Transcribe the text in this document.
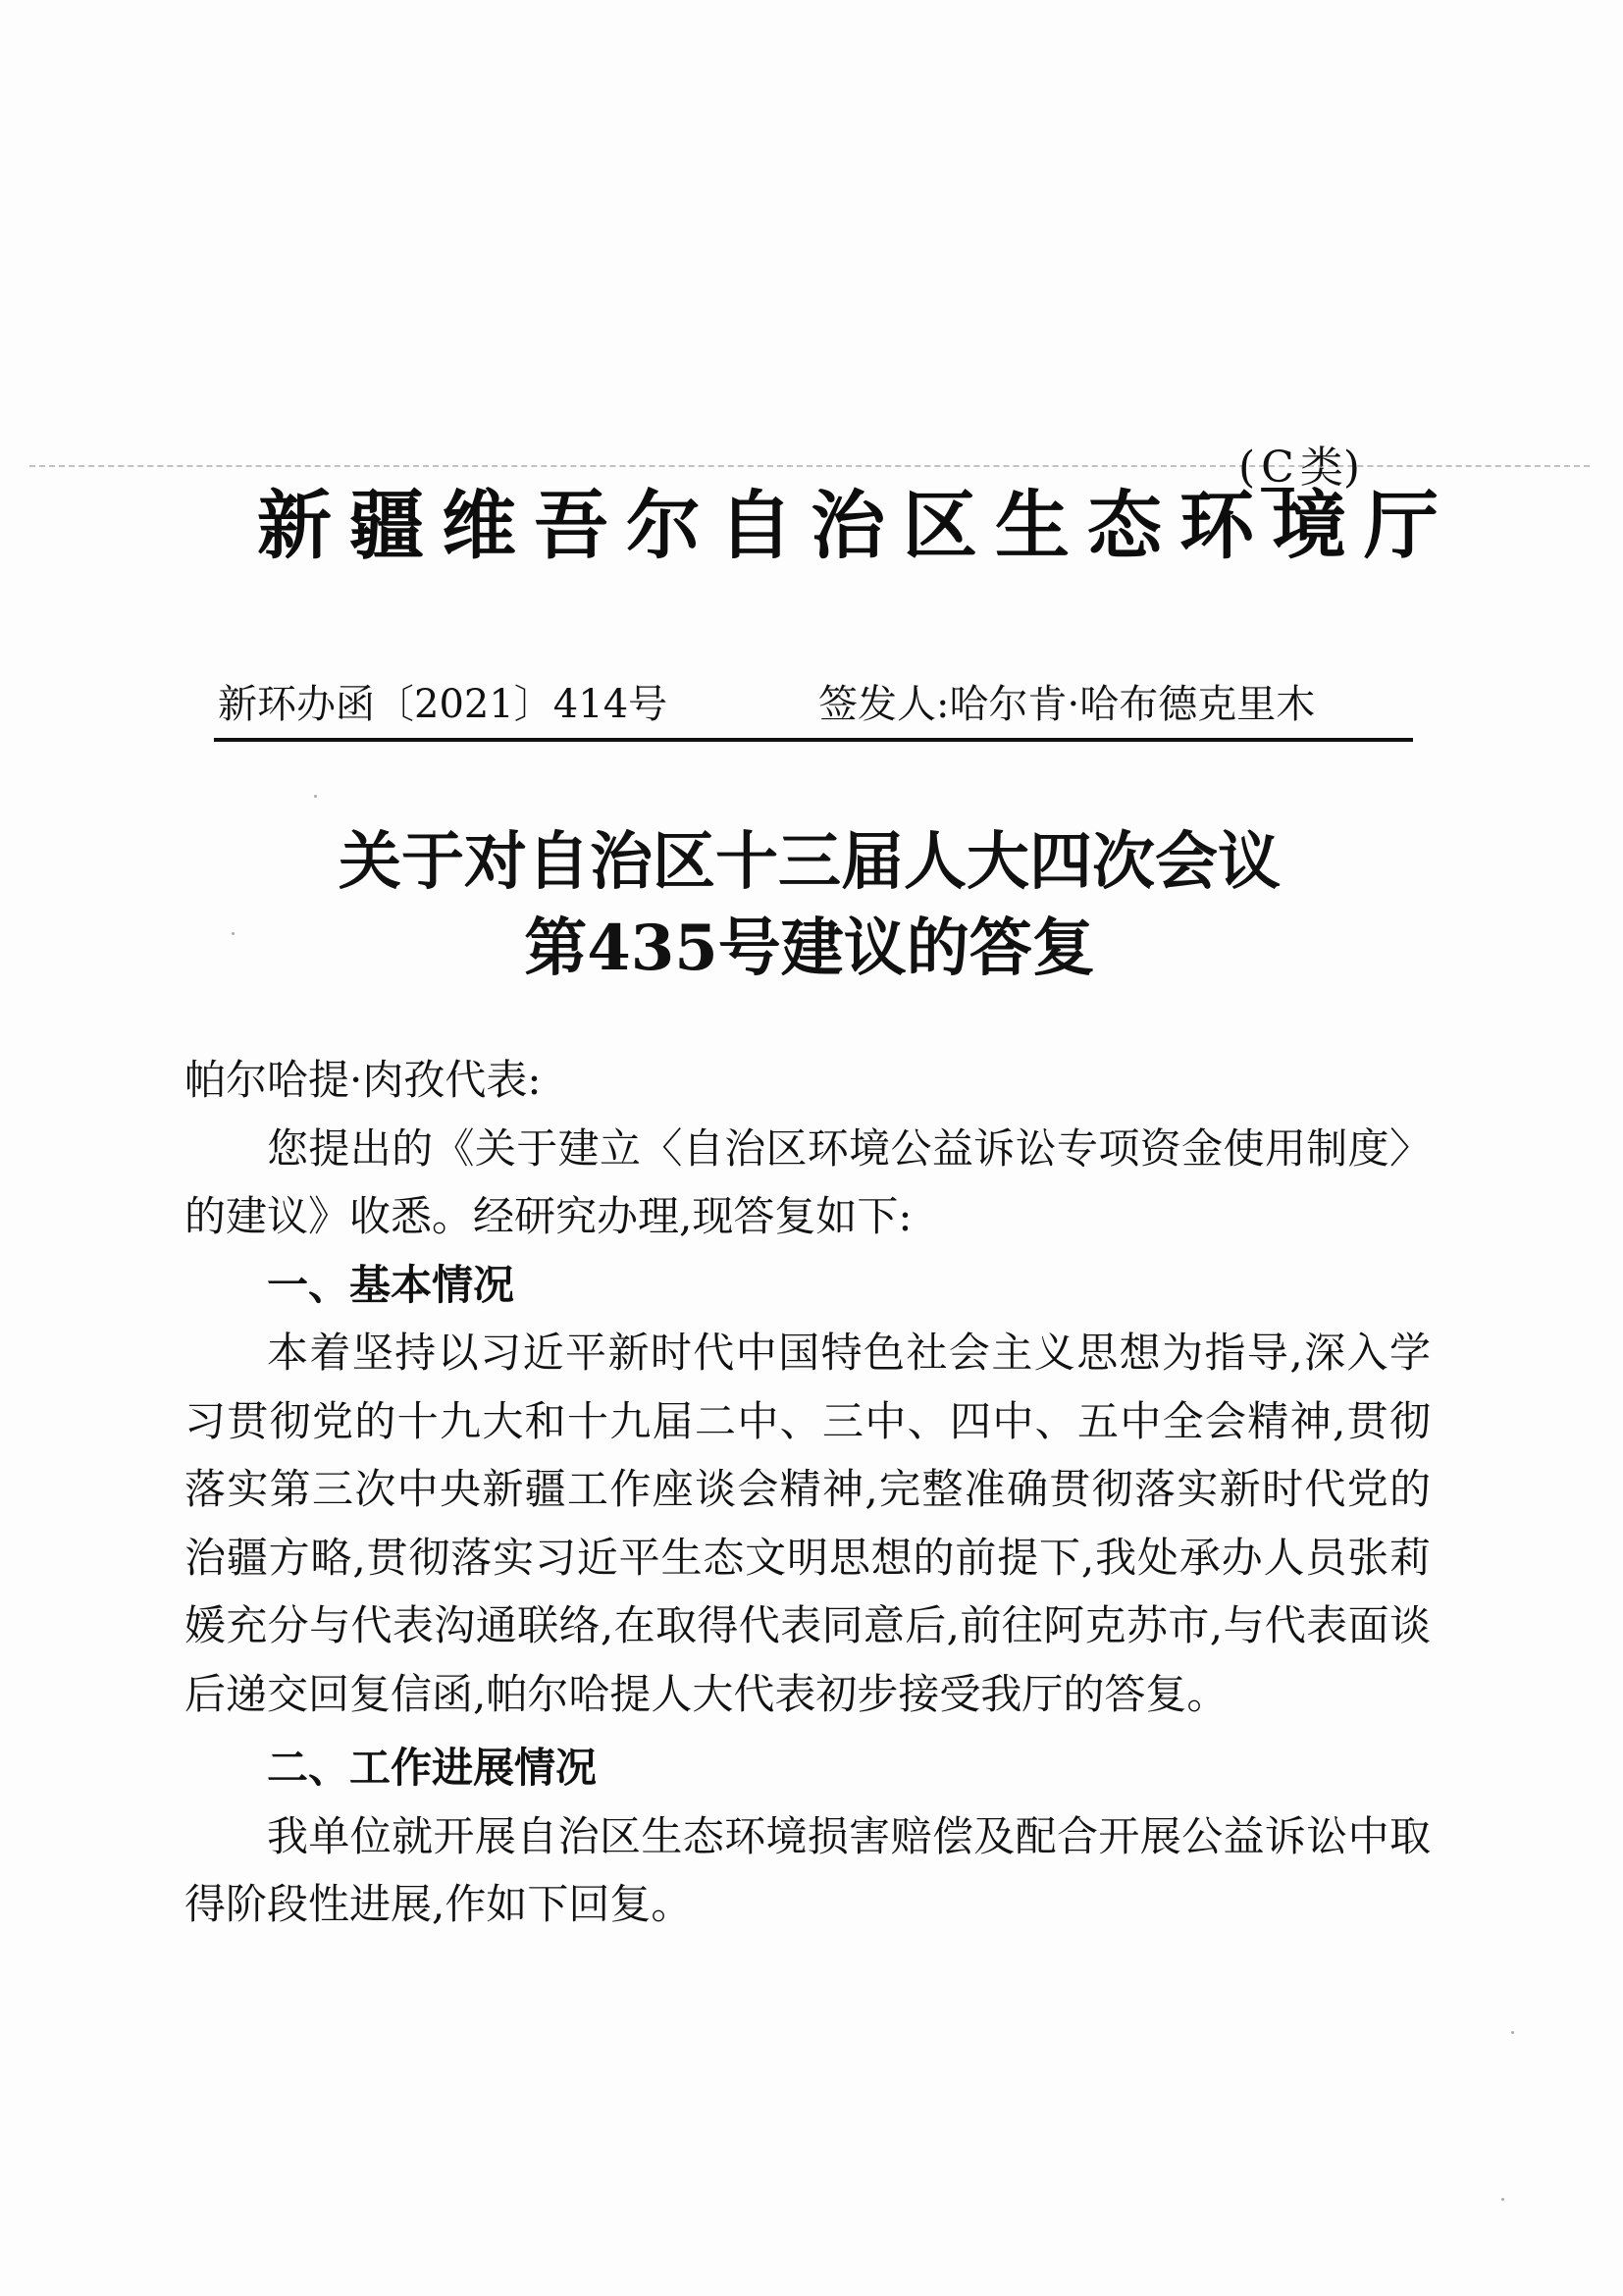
( C 类)
新疆维吾尔自治区生态环境厅
新环办函〔2021〕414号	签发人:哈尔肯·哈布德克里木
关于对自治区十三届人大四次会议
第435号建议的答复

帕尔哈提·肉孜代表:

您提出的《关于建立〈自治区环境公益诉讼专项资金使用制度〉的建议》收悉。经研究办理,现答复如下:

一、基本情况

本着坚持以习近平新时代中国特色社会主义思想为指导,深入学习贯彻党的十九大和十九届二中、三中、四中、五中全会精神,贯彻落实第三次中央新疆工作座谈会精神,完整准确贯彻落实新时代党的治疆方略,贯彻落实习近平生态文明思想的前提下,我处承办人员张莉媛充分与代表沟通联络,在取得代表同意后,前往阿克苏市,与代表面谈后递交回复信函,帕尔哈提人大代表初步接受我厅的答复。

二、工作进展情况

我单位就开展自治区生态环境损害赔偿及配合开展公益诉讼中取得阶段性进展,作如下回复。
